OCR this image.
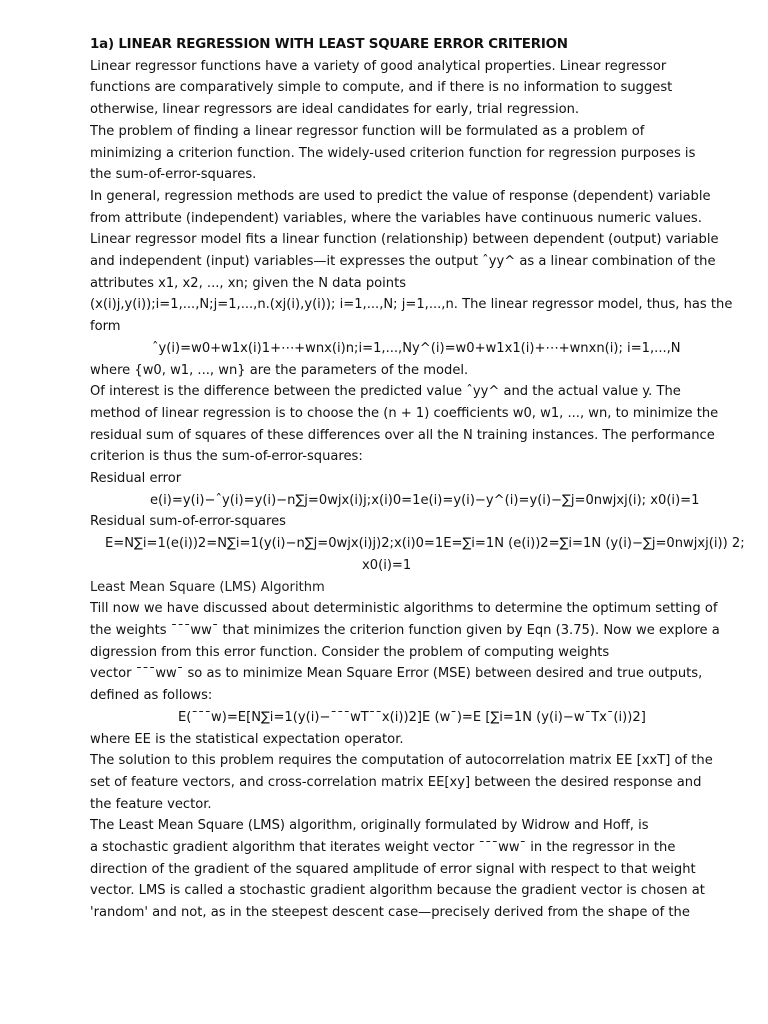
1a) LINEAR REGRESSION WITH LEAST SQUARE ERROR CRITERION
Linear regressor functions have a variety of good analytical properties. Linear regressor
functions are comparatively simple to compute, and if there is no information to suggest
otherwise, linear regressors are ideal candidates for early, trial regression.
The problem of finding a linear regressor function will be formulated as a problem of
minimizing a criterion function. The widely-used criterion function for regression purposes is
the sum-of-error-squares.
In general, regression methods are used to predict the value of response (dependent) variable
from attribute (independent) variables, where the variables have continuous numeric values.
Linear regressor model fits a linear function (relationship) between dependent (output) variable
and independent (input) variables—it expresses the output ˆyy^ as a linear combination of the
attributes x1, x2, ..., xn; given the N data points
(x(i)j,y(i));i=1,...,N;j=1,...,n.(xj(i),y(i)); i=1,...,N; j=1,...,n. The linear regressor model, thus, has the
form
ˆy(i)=w0+w1x(i)1+⋯+wnx(i)n;i=1,...,Ny^(i)=w0+w1x1(i)+⋯+wnxn(i); i=1,...,N
where {w0, w1, ..., wn} are the parameters of the model.
Of interest is the difference between the predicted value ˆyy^ and the actual value y. The
method of linear regression is to choose the (n + 1) coefficients w0, w1, ..., wn, to minimize the
residual sum of squares of these differences over all the N training instances. The performance
criterion is thus the sum-of-error-squares:
Residual error
e(i)=y(i)−ˆy(i)=y(i)−n∑j=0wjx(i)j;x(i)0=1e(i)=y(i)−y^(i)=y(i)−∑j=0nwjxj(i); x0(i)=1
Residual sum-of-error-squares
E=N∑i=1(e(i))2=N∑i=1(y(i)−n∑j=0wjx(i)j)2;x(i)0=1E=∑i=1N (e(i))2=∑i=1N (y(i)−∑j=0nwjxj(i)) 2;
x0(i)=1
Least Mean Square (LMS) Algorithm
Till now we have discussed about deterministic algorithms to determine the optimum setting of
the weights ¯¯¯ww¯ that minimizes the criterion function given by Eqn (3.75). Now we explore a
digression from this error function. Consider the problem of computing weights
vector ¯¯¯ww¯ so as to minimize Mean Square Error (MSE) between desired and true outputs,
defined as follows:
E(¯¯¯w)=E[N∑i=1(y(i)−¯¯¯wT¯¯x(i))2]E (w¯)=E [∑i=1N (y(i)−w¯Tx¯(i))2]
where EE is the statistical expectation operator.
The solution to this problem requires the computation of autocorrelation matrix EE [xxT] of the
set of feature vectors, and cross-correlation matrix EE[xy] between the desired response and
the feature vector.
The Least Mean Square (LMS) algorithm, originally formulated by Widrow and Hoff, is
a stochastic gradient algorithm that iterates weight vector ¯¯¯ww¯ in the regressor in the
direction of the gradient of the squared amplitude of error signal with respect to that weight
vector. LMS is called a stochastic gradient algorithm because the gradient vector is chosen at
'random' and not, as in the steepest descent case—precisely derived from the shape of the
